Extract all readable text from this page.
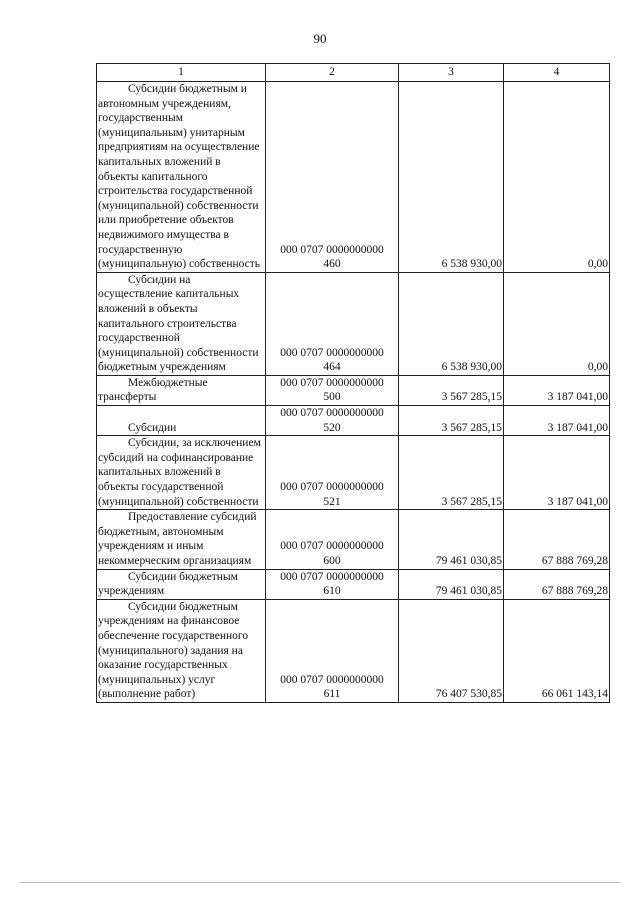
90
1	2	3	4

Субсидии бюджетным и автономным учреждениям, государственным (муниципальным) унитарным предприятиям на осуществление капитальных вложений в объекты капитального строительства государственной (муниципальной) собственности или приобретение объектов недвижимого имущества в государственную (муниципальную) собственность	000 0707 0000000000
460	6 538 930,00	0,00

Субсидии на осуществление капитальных вложений в объекты капитального строительства государственной (муниципальной) собственности бюджетным учреждениям	000 0707 0000000000
464	6 538 930,00	0,00

Межбюджетные трансферты	000 0707 0000000000
500	3 567 285,15	3 187 041,00

Субсидии	000 0707 0000000000
520	3 567 285,15	3 187 041,00

Субсидии, за исключением субсидий на софинансирование капитальных вложений в объекты государственной (муниципальной) собственности	000 0707 0000000000
521	3 567 285,15	3 187 041,00

Предоставление субсидий бюджетным, автономным учреждениям и иным некоммерческим организациям	000 0707 0000000000
600	79 461 030,85	67 888 769,28

Субсидии бюджетным учреждениям	000 0707 0000000000
610	79 461 030,85	67 888 769,28

Субсидии бюджетным учреждениям на финансовое обеспечение государственного (муниципального) задания на оказание государственных (муниципальных) услуг (выполнение работ)	000 0707 0000000000
611	76 407 530,85	66 061 143,14
